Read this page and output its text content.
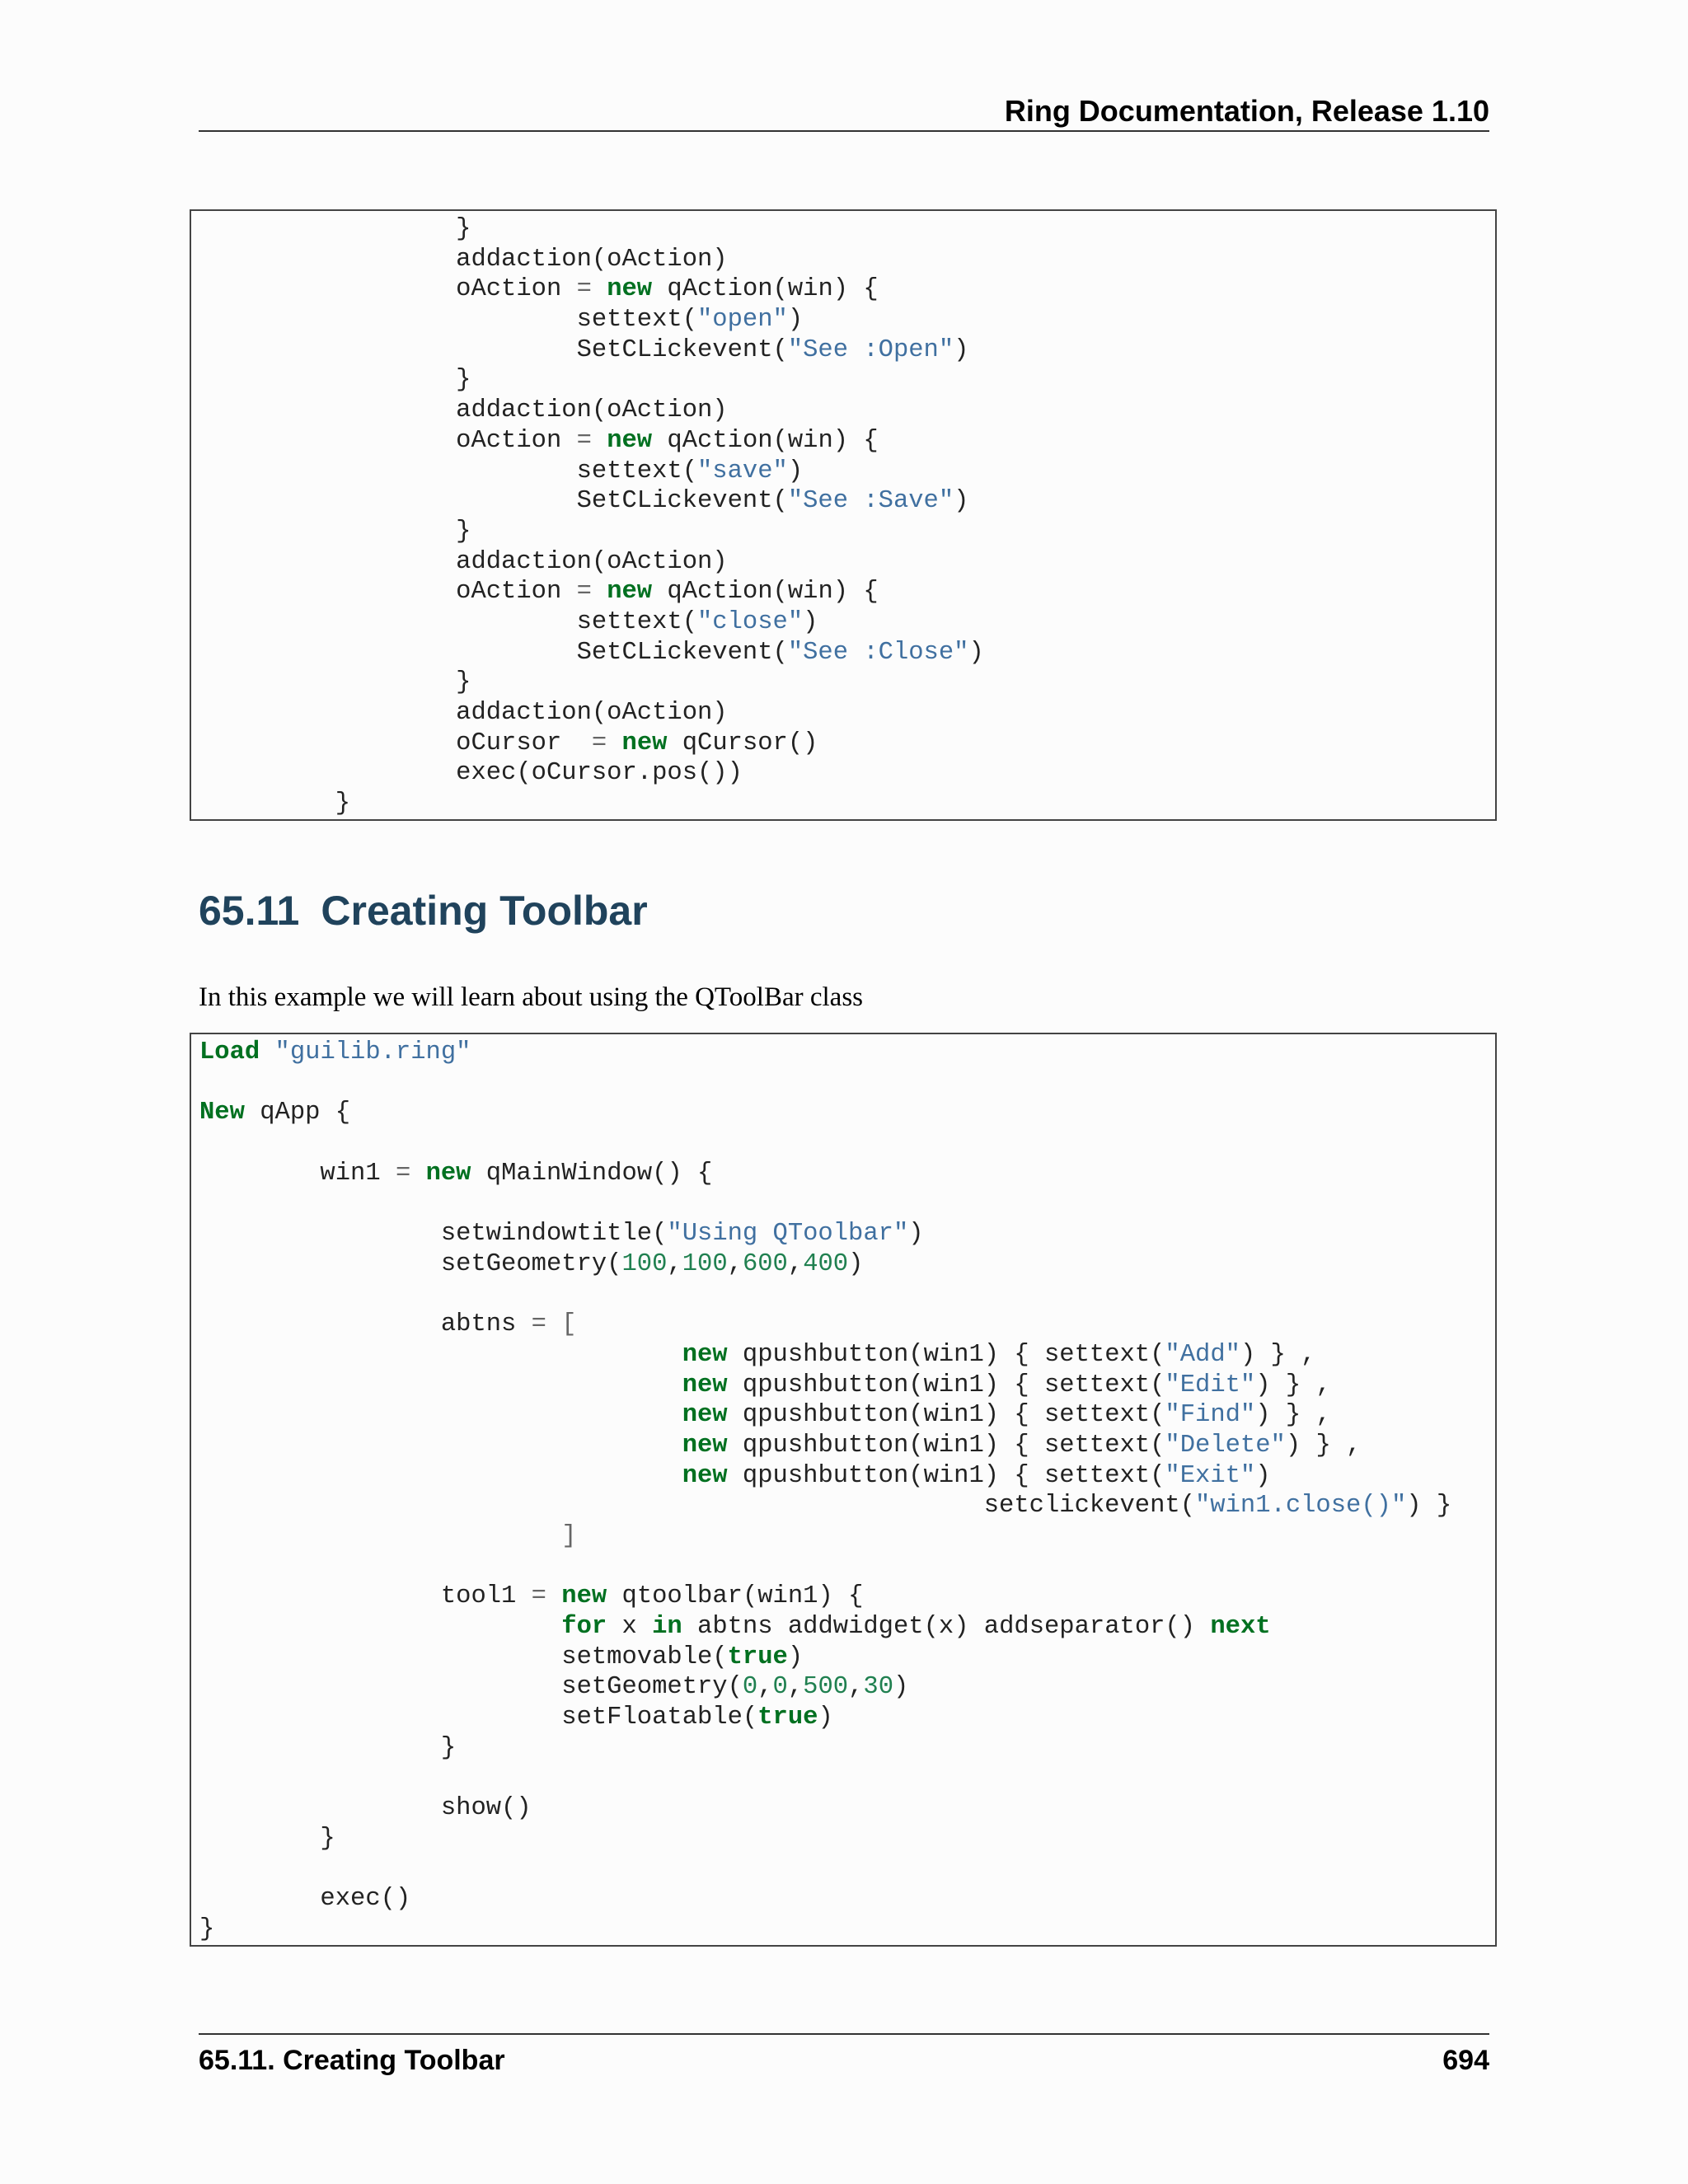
Ring Documentation, Release 1.10
}
addaction(oAction)
oAction = new qAction(win) {
settext("open")
SetCLickevent("See :Open")
}
addaction(oAction)
oAction = new qAction(win) {
settext("save")
SetCLickevent("See :Save")
}
addaction(oAction)
oAction = new qAction(win) {
settext("close")
SetCLickevent("See :Close")
}
addaction(oAction)
oCursor  = new qCursor()
exec(oCursor.pos())
}
65.11 Creating Toolbar

In this example we will learn about using the QToolBar class

Load "guilib.ring"
New qApp {
win1 = new qMainWindow() {
setwindowtitle("Using QToolbar")
setGeometry(100,100,600,400)
abtns = [
new qpushbutton(win1) { settext("Add") } ,
new qpushbutton(win1) { settext("Edit") } ,
new qpushbutton(win1) { settext("Find") } ,
new qpushbutton(win1) { settext("Delete") } ,
new qpushbutton(win1) { settext("Exit")
setclickevent("win1.close()") }
]
tool1 = new qtoolbar(win1) {
for x in abtns addwidget(x) addseparator() next
setmovable(true)
setGeometry(0,0,500,30)
setFloatable(true)
}
show()
}
exec()
}
65.11. Creating Toolbar	694
